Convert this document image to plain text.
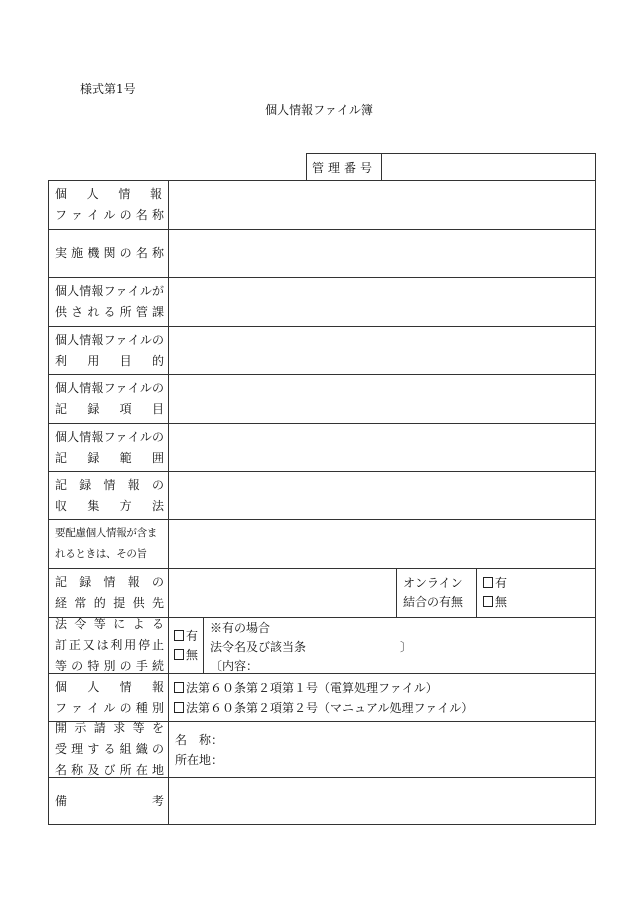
様式第1号
個人情報ファイル簿
管理番号
個人情報
ファイルの名称
実施機関の名称
個人情報ファイルが
供される所管課
個人情報ファイルの
利用目的
個人情報ファイルの
記録項目
個人情報ファイルの
記録範囲
記録情報の
収集方法
要配慮個人情報が含ま
れるときは、その旨
記録情報の
経常的提供先
オンライン
結合の有無
有
無
法令等による
訂正又は利用停止
等の特別の手続
有
無
※有の場合
法令名及び該当条	〕
〔内容：
個人情報
ファイルの種別
法第６０条第２項第１号（電算処理ファイル）
法第６０条第２項第２号（マニュアル処理ファイル）
開示請求等を
受理する組織の
名称及び所在地
名　称：
所在地：
備考
